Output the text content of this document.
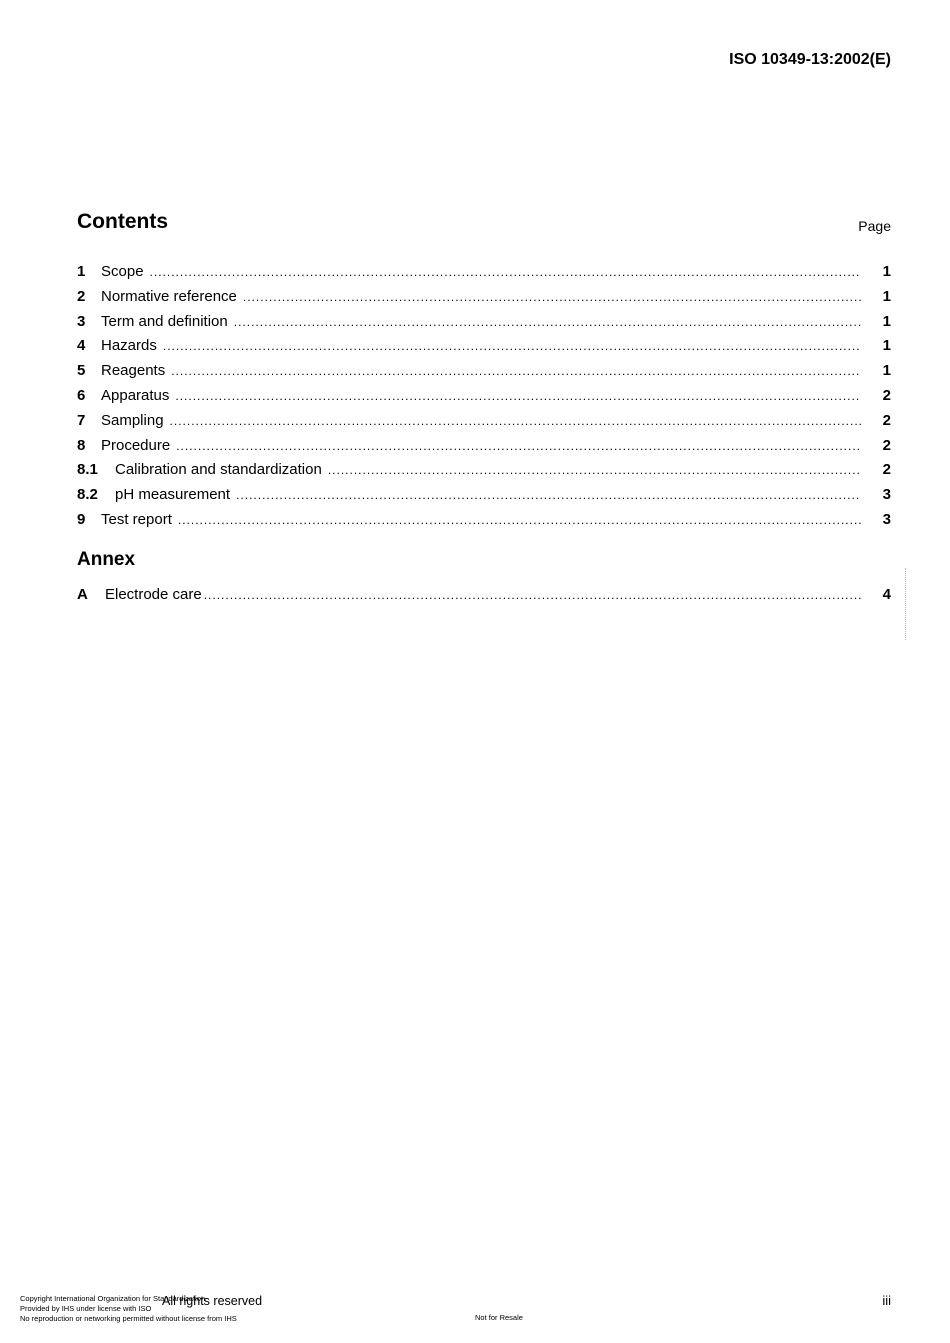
ISO 10349-13:2002(E)
Contents	Page
1	Scope .....	1
2	Normative reference .....	1
3	Term and definition .....	1
4	Hazards .....	1
5	Reagents .....	1
6	Apparatus .....	2
7	Sampling .....	2
8	Procedure .....	2
8.1	Calibration and standardization .....	2
8.2	pH measurement .....	3
9	Test report .....	3
Annex
A	Electrode care .....	4
All rights reserved
Copyright International Organization for Standardization
Provided by IHS under license with ISO
No reproduction or networking permitted without license from IHS	Not for Resale
iii
